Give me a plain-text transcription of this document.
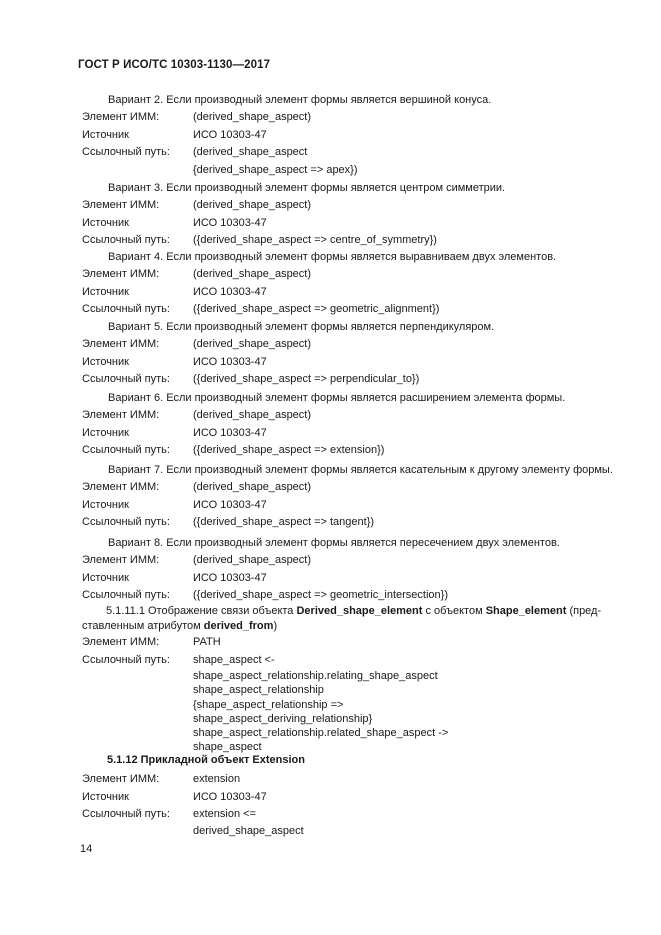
ГОСТ Р ИСО/ТС 10303-1130—2017
Вариант 2. Если производный элемент формы является вершиной конуса.
Элемент ИММ:	(derived_shape_aspect)
Источник	ИСО 10303-47
Ссылочный путь: (derived_shape_aspect
{derived_shape_aspect => apex})
Вариант 3. Если производный элемент формы является центром симметрии.
Элемент ИММ:	(derived_shape_aspect)
Источник	ИСО 10303-47
Ссылочный путь: ({derived_shape_aspect => centre_of_symmetry})
Вариант 4. Если производный элемент формы является выравниваем двух элементов.
Элемент ИММ:	(derived_shape_aspect)
Источник	ИСО 10303-47
Ссылочный путь: ({derived_shape_aspect => geometric_alignment})
Вариант 5. Если производный элемент формы является перпендикуляром.
Элемент ИММ:	(derived_shape_aspect)
Источник	ИСО 10303-47
Ссылочный путь: ({derived_shape_aspect => perpendicular_to})
Вариант 6. Если производный элемент формы является расширением элемента формы.
Элемент ИММ:	(derived_shape_aspect)
Источник	ИСО 10303-47
Ссылочный путь: ({derived_shape_aspect => extension})
Вариант 7. Если производный элемент формы является касательным к другому элементу формы.
Элемент ИММ:	(derived_shape_aspect)
Источник	ИСО 10303-47
Ссылочный путь: ({derived_shape_aspect => tangent})
Вариант 8. Если производный элемент формы является пересечением двух элементов.
Элемент ИММ:	(derived_shape_aspect)
Источник	ИСО 10303-47
Ссылочный путь: ({derived_shape_aspect => geometric_intersection})
5.1.11.1 Отображение связи объекта Derived_shape_element с объектом Shape_element (пред-
ставленным атрибутом derived_from)
Элемент ИММ:	PATH
Ссылочный путь: shape_aspect <-
shape_aspect_relationship.relating_shape_aspect
shape_aspect_relationship
{shape_aspect_relationship =>
shape_aspect_deriving_relationship}
shape_aspect_relationship.related_shape_aspect ->
shape_aspect
5.1.12 Прикладной объект Extension
Элемент ИММ:	extension
Источник	ИСО 10303-47
Ссылочный путь: extension <=
derived_shape_aspect
14
